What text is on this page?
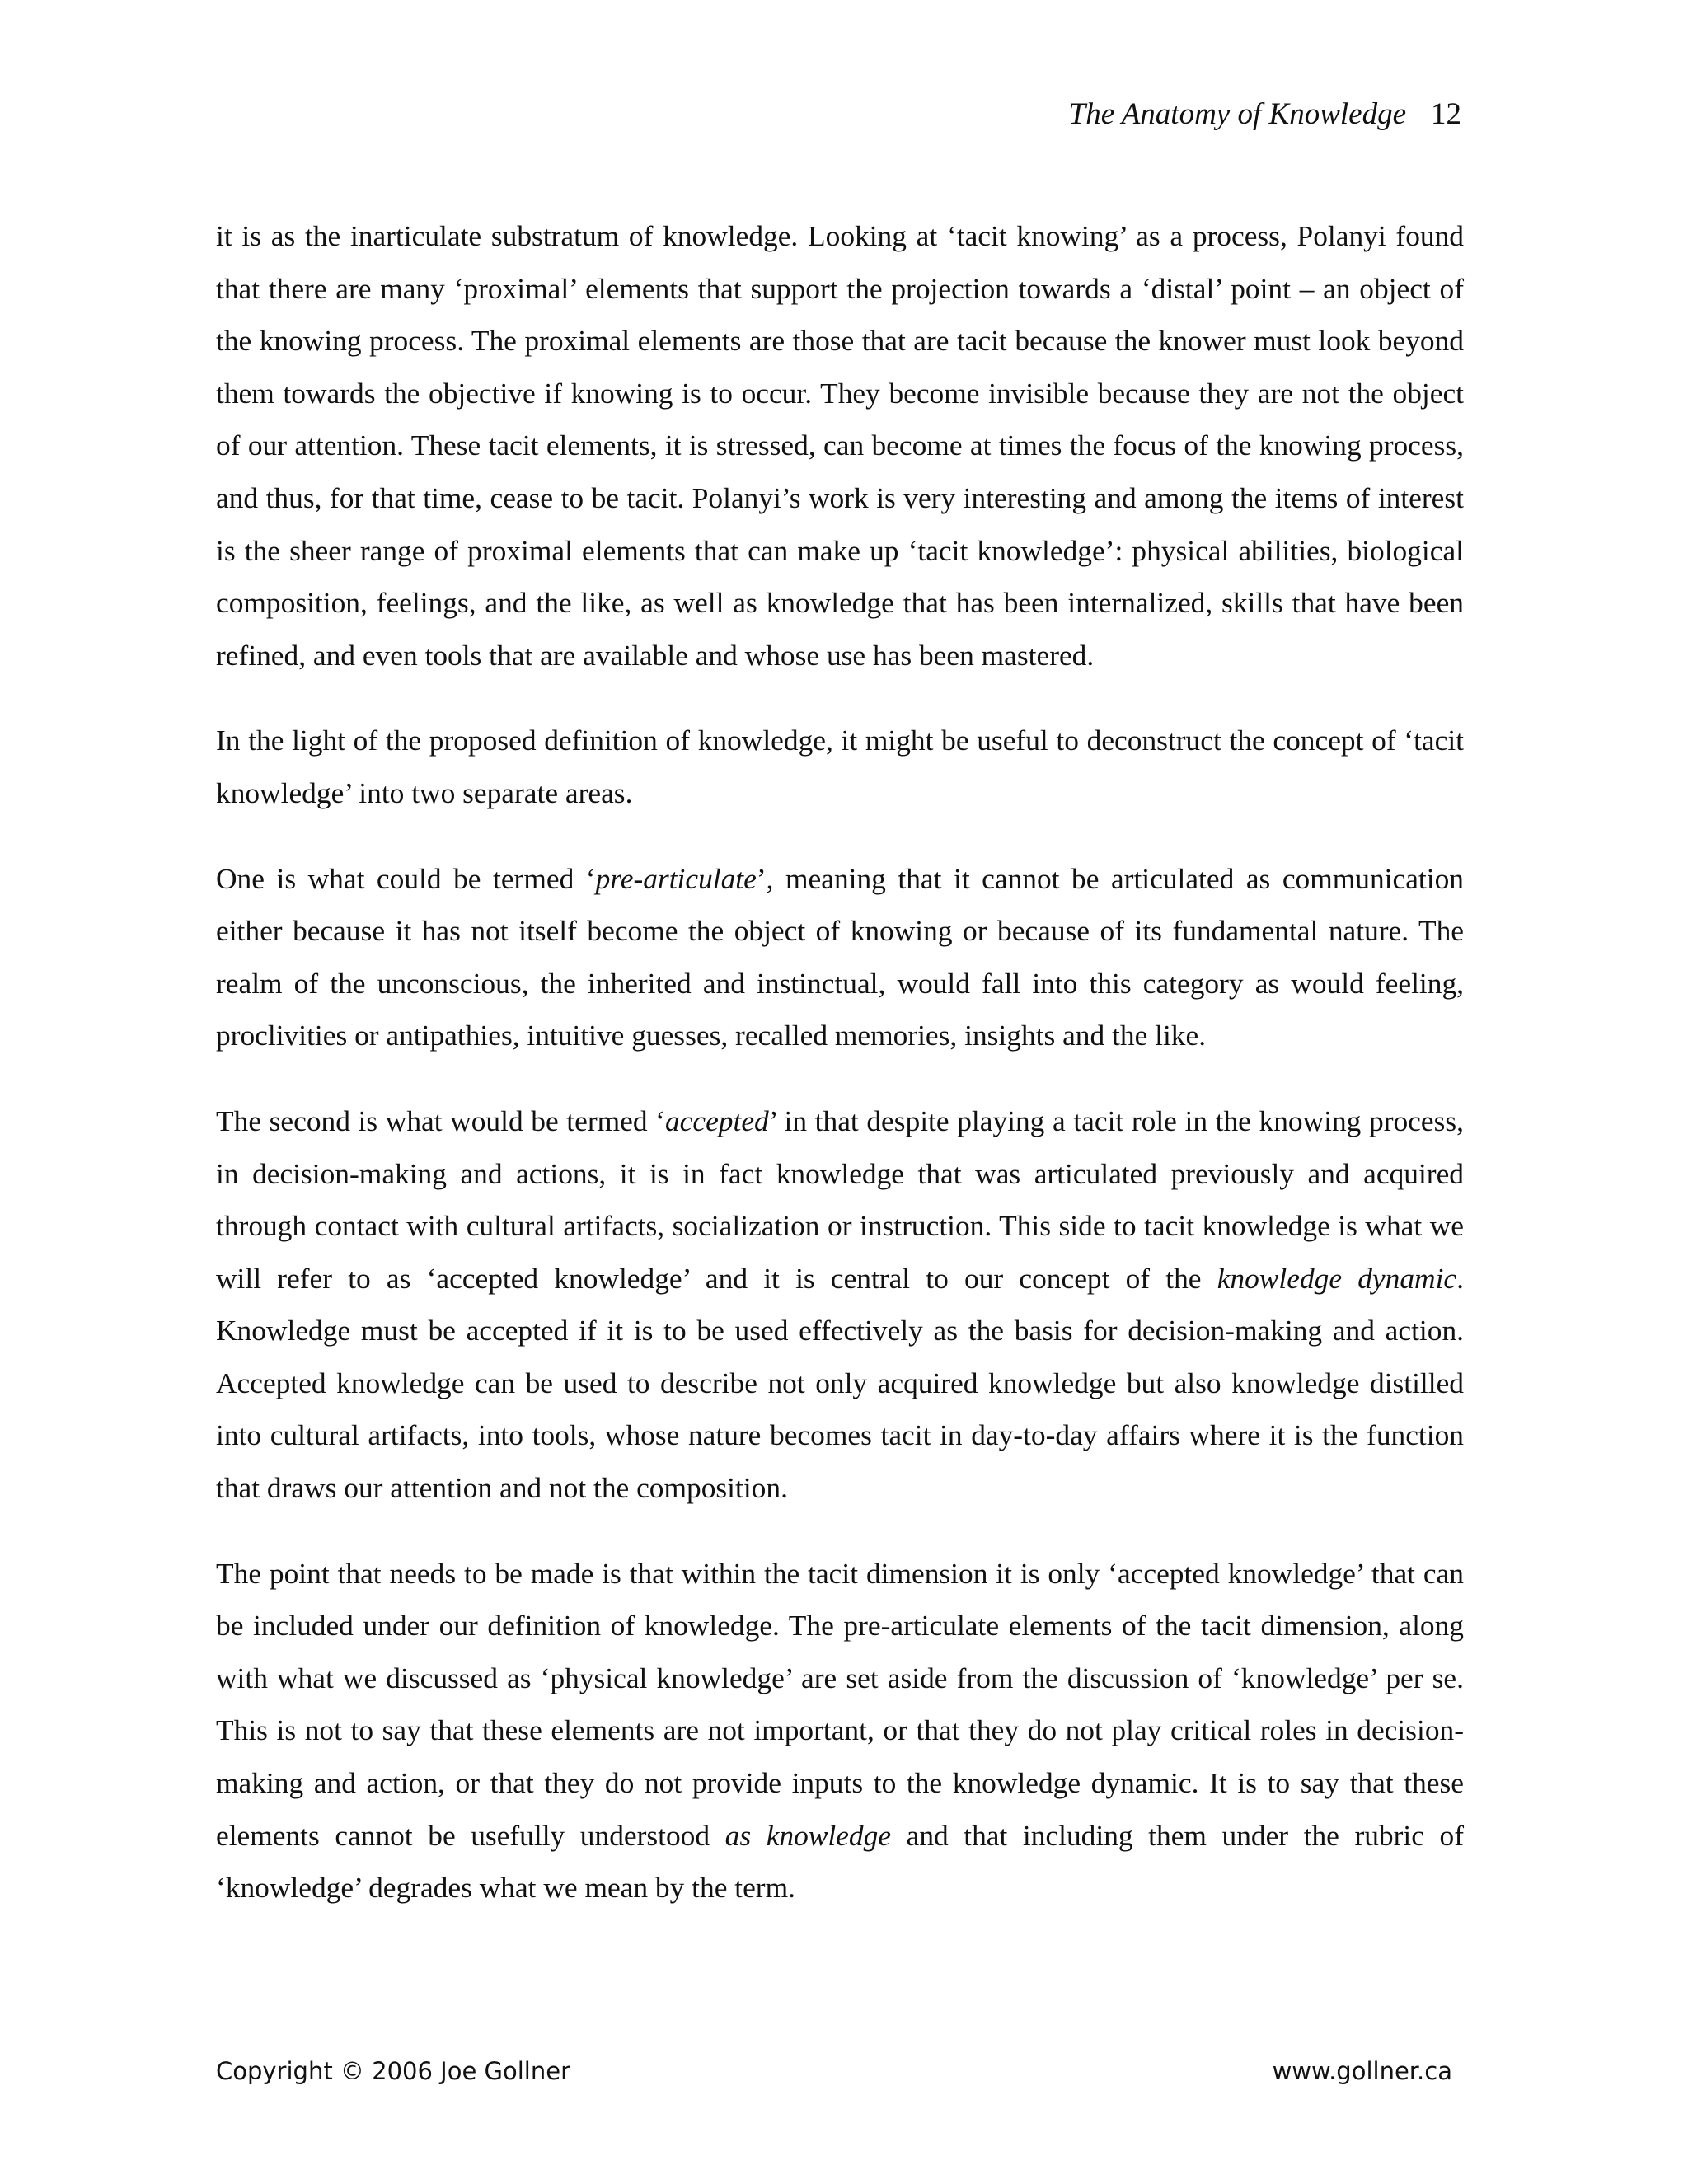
The Anatomy of Knowledge 12

it is as the inarticulate substratum of knowledge. Looking at ‘tacit knowing’ as a process, Polanyi found that there are many ‘proximal’ elements that support the projection towards a ‘distal’ point – an object of the knowing process. The proximal elements are those that are tacit because the knower must look beyond them towards the objective if knowing is to occur. They become invisible because they are not the object of our attention. These tacit elements, it is stressed, can become at times the focus of the knowing process, and thus, for that time, cease to be tacit. Polanyi’s work is very interesting and among the items of interest is the sheer range of proximal elements that can make up ‘tacit knowledge’: physical abilities, biological composition, feelings, and the like, as well as knowledge that has been internalized, skills that have been refined, and even tools that are available and whose use has been mastered.

In the light of the proposed definition of knowledge, it might be useful to deconstruct the concept of ‘tacit knowledge’ into two separate areas.

One is what could be termed ‘pre-articulate’, meaning that it cannot be articulated as communication either because it has not itself become the object of knowing or because of its fundamental nature. The realm of the unconscious, the inherited and instinctual, would fall into this category as would feeling, proclivities or antipathies, intuitive guesses, recalled memories, insights and the like.

The second is what would be termed ‘accepted’ in that despite playing a tacit role in the knowing process, in decision-making and actions, it is in fact knowledge that was articulated previously and acquired through contact with cultural artifacts, socialization or instruction. This side to tacit knowledge is what we will refer to as ‘accepted knowledge’ and it is central to our concept of the knowledge dynamic. Knowledge must be accepted if it is to be used effectively as the basis for decision-making and action. Accepted knowledge can be used to describe not only acquired knowledge but also knowledge distilled into cultural artifacts, into tools, whose nature becomes tacit in day-to-day affairs where it is the function that draws our attention and not the composition.

The point that needs to be made is that within the tacit dimension it is only ‘accepted knowledge’ that can be included under our definition of knowledge. The pre-articulate elements of the tacit dimension, along with what we discussed as ‘physical knowledge’ are set aside from the discussion of ‘knowledge’ per se. This is not to say that these elements are not important, or that they do not play critical roles in decision-making and action, or that they do not provide inputs to the knowledge dynamic. It is to say that these elements cannot be usefully understood as knowledge and that including them under the rubric of ‘knowledge’ degrades what we mean by the term.

Copyright © 2006 Joe Gollner	www.gollner.ca
